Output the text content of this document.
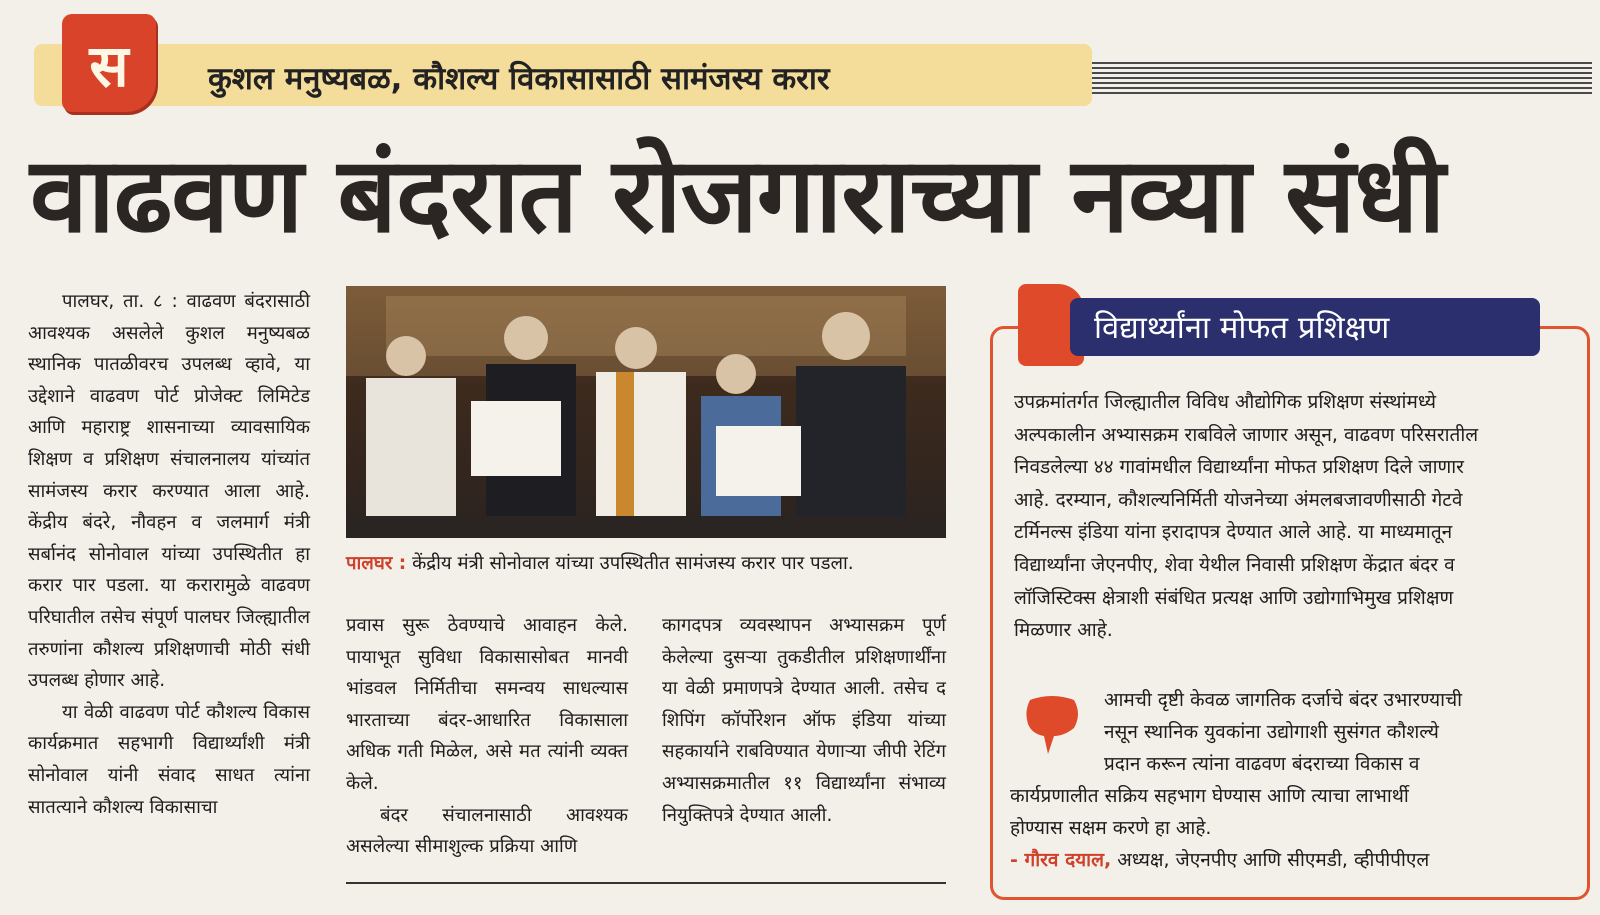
स	कुशल मनुष्यबळ, कौशल्य विकासासाठी सामंजस्य करार
वाढवण बंदरात रोजगाराच्या नव्या संधी

पालघर, ता. ८ : वाढवण बंदरासाठी आवश्यक असलेले कुशल मनुष्यबळ स्थानिक पातळीवरच उपलब्ध व्हावे, या उद्देशाने वाढवण पोर्ट प्रोजेक्ट लिमिटेड आणि महाराष्ट्र शासनाच्या व्यावसायिक शिक्षण व प्रशिक्षण संचालनालय यांच्यांत सामंजस्य करार करण्यात आला आहे. केंद्रीय बंदरे, नौवहन व जलमार्ग मंत्री सर्बानंद सोनोवाल यांच्या उपस्थितीत हा करार पार पडला. या करारामुळे वाढवण परिघातील तसेच संपूर्ण पालघर जिल्ह्यातील तरुणांना कौशल्य प्रशिक्षणाची मोठी संधी उपलब्ध होणार आहे.

या वेळी वाढवण पोर्ट कौशल्य विकास कार्यक्रमात सहभागी विद्यार्थ्यांशी मंत्री सोनोवाल यांनी संवाद साधत त्यांना सातत्याने कौशल्य विकासाचा

पालघर : केंद्रीय मंत्री सोनोवाल यांच्या उपस्थितीत सामंजस्य करार पार पडला.

प्रवास सुरू ठेवण्याचे आवाहन केले. पायाभूत सुविधा विकासासोबत मानवी भांडवल निर्मितीचा समन्वय साधल्यास भारताच्या बंदर-आधारित विकासाला अधिक गती मिळेल, असे मत त्यांनी व्यक्त केले.

बंदर संचालनासाठी आवश्यक असलेल्या सीमाशुल्क प्रक्रिया आणि

कागदपत्र व्यवस्थापन अभ्यासक्रम पूर्ण केलेल्या दुसऱ्या तुकडीतील प्रशिक्षणार्थींना या वेळी प्रमाणपत्रे देण्यात आली. तसेच द शिपिंग कॉर्पोरेशन ऑफ इंडिया यांच्या सहकार्याने राबविण्यात येणाऱ्या जीपी रेटिंग अभ्यासक्रमातील ११ विद्यार्थ्यांना संभाव्य नियुक्तिपत्रे देण्यात आली.

विद्यार्थ्यांना मोफत प्रशिक्षण
उपक्रमांतर्गत जिल्ह्यातील विविध औद्योगिक प्रशिक्षण संस्थांमध्ये
अल्पकालीन अभ्यासक्रम राबविले जाणार असून, वाढवण परिसरातील
निवडलेल्या ४४ गावांमधील विद्यार्थ्यांना मोफत प्रशिक्षण दिले जाणार
आहे. दरम्यान, कौशल्यनिर्मिती योजनेच्या अंमलबजावणीसाठी गेटवे
टर्मिनल्स इंडिया यांना इरादापत्र देण्यात आले आहे. या माध्यमातून
विद्यार्थ्यांना जेएनपीए, शेवा येथील निवासी प्रशिक्षण केंद्रात बंदर व
लॉजिस्टिक्स क्षेत्राशी संबंधित प्रत्यक्ष आणि उद्योगाभिमुख प्रशिक्षण
मिळणार आहे.
आमची दृष्टी केवळ जागतिक दर्जाचे बंदर उभारण्याची
नसून स्थानिक युवकांना उद्योगाशी सुसंगत कौशल्ये
प्रदान करून त्यांना वाढवण बंदराच्या विकास व
कार्यप्रणालीत सक्रिय सहभाग घेण्यास आणि त्याचा लाभार्थी
होण्यास सक्षम करणे हा आहे.
- गौरव दयाल, अध्यक्ष, जेएनपीए आणि सीएमडी, व्हीपीपीएल
